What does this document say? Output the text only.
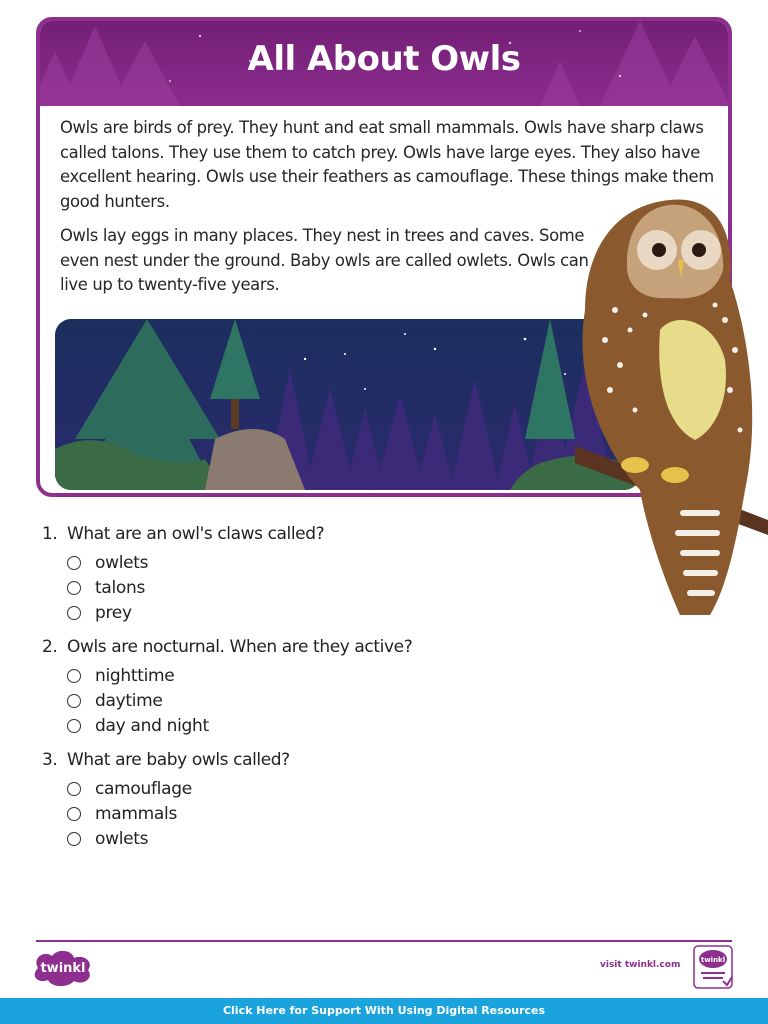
All About Owls

Owls are birds of prey. They hunt and eat small mammals. Owls have sharp claws called talons. They use them to catch prey. Owls have large eyes. They also have excellent hearing. Owls use their feathers as camouflage. These things make them good hunters.

Owls lay eggs in many places. They nest in trees and caves. Some even nest under the ground. Baby owls are called owlets. Owls can live up to twenty-five years.

1. What are an owl's claws called?
owlets
talons
prey
2. Owls are nocturnal. When are they active?
nighttime
daytime
day and night
3. What are baby owls called?
camouflage
mammals
owlets
twinkl	visit twinkl.com	twinkl
Click Here for Support With Using Digital Resources
